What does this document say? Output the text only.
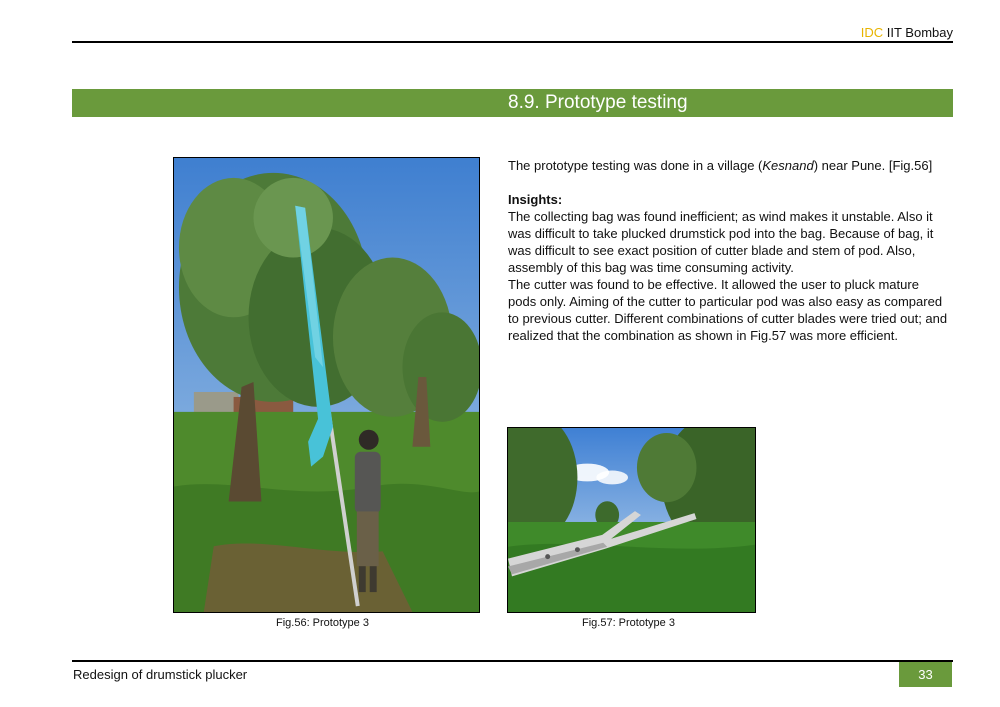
IDC IIT Bombay
8.9. Prototype testing
Fig.56: Prototype 3	Fig.57: Prototype 3

The prototype testing was done in a village (Kesnand) near Pune. [Fig.56]

Insights:

The collecting bag was found inefficient; as wind makes it unstable. Also it was difficult to take plucked drumstick pod into the bag. Because of bag, it was difficult to see exact position of cutter blade and stem of pod. Also, assembly of this bag was time consuming activity.

The cutter was found to be effective. It allowed the user to pluck mature pods only. Aiming of the cutter to particular pod was also easy as compared to previous cutter. Different combinations of cutter blades were tried out; and realized that the combination as shown in Fig.57 was more efficient.

Redesign of drumstick plucker	33
